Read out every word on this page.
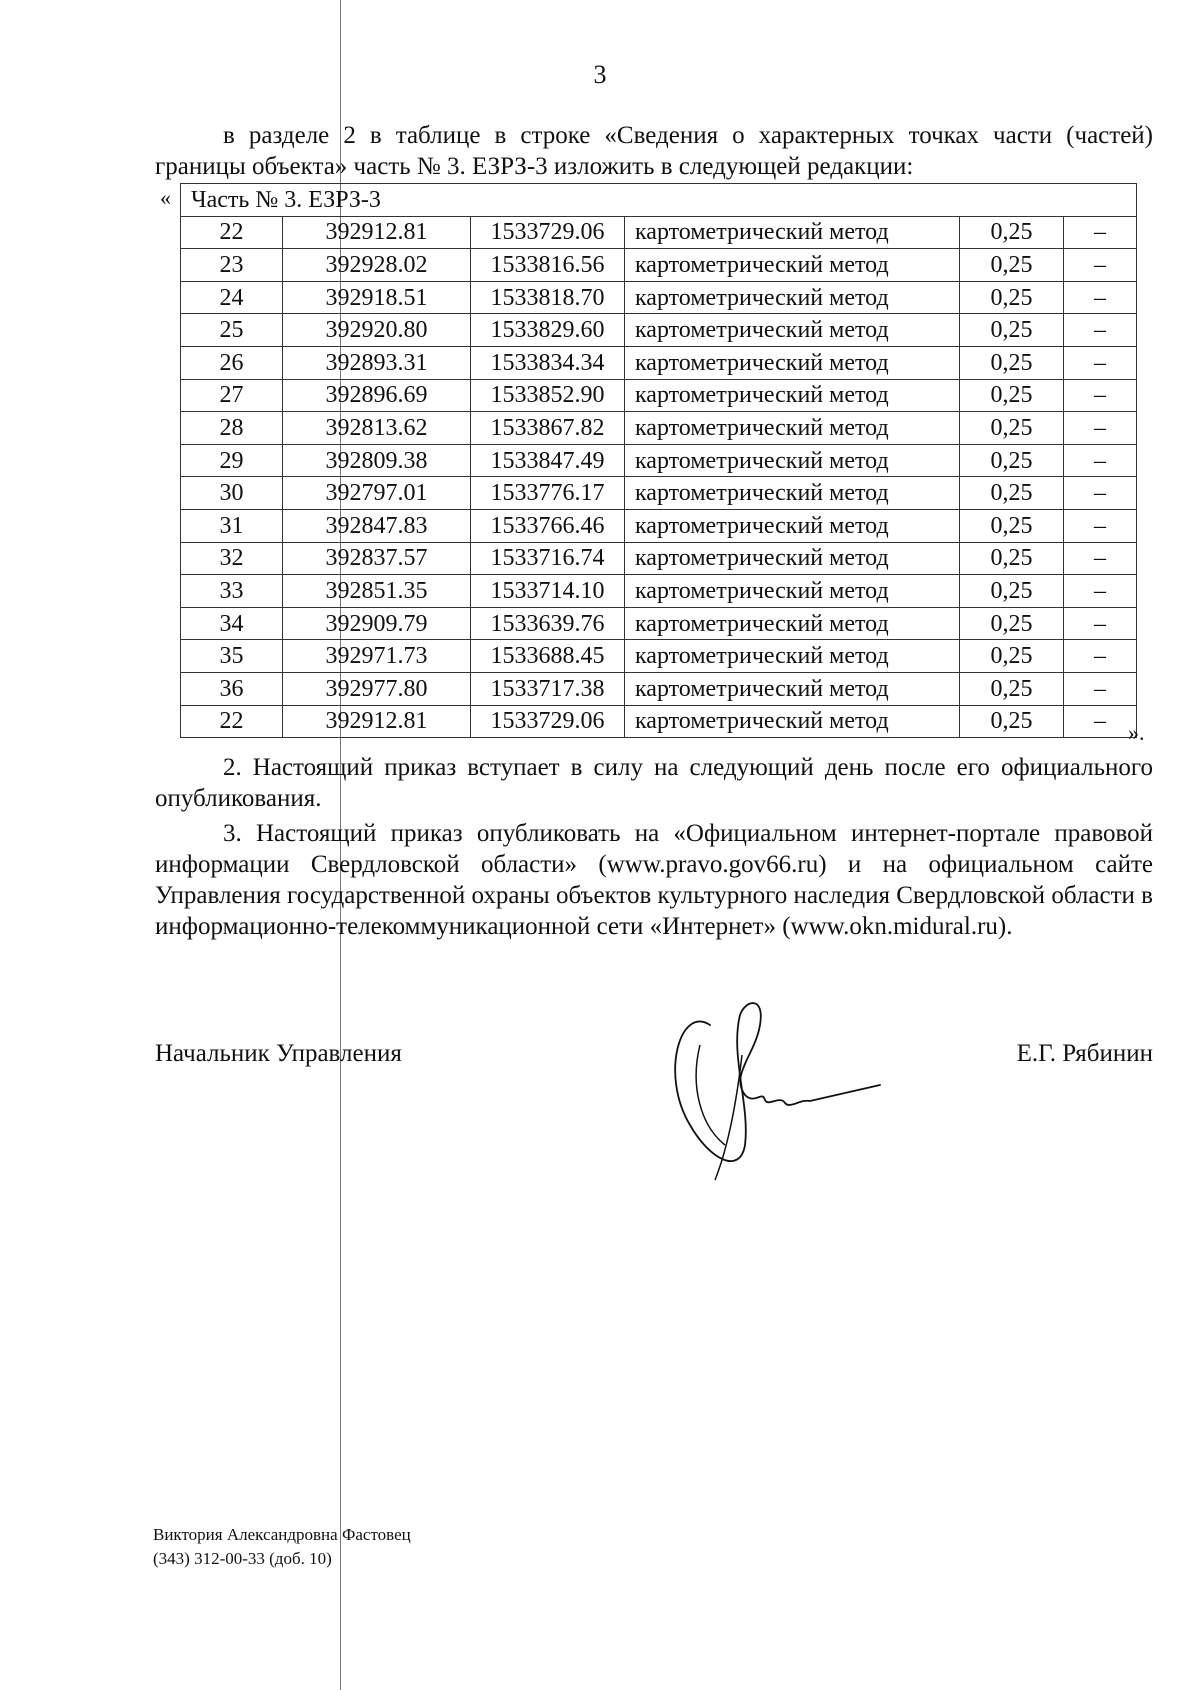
3
в разделе 2 в таблице в строке «Сведения о характерных точках части (частей) границы объекта» часть № 3. ЕЗРЗ-3 изложить в следующей редакции:
« Часть № 3. ЕЗРЗ-3					
22	392912.81	1533729.06	картометрический метод	0,25	–
23	392928.02	1533816.56	картометрический метод	0,25	–
24	392918.51	1533818.70	картометрический метод	0,25	–
25	392920.80	1533829.60	картометрический метод	0,25	–
26	392893.31	1533834.34	картометрический метод	0,25	–
27	392896.69	1533852.90	картометрический метод	0,25	–
28	392813.62	1533867.82	картометрический метод	0,25	–
29	392809.38	1533847.49	картометрический метод	0,25	–
30	392797.01	1533776.17	картометрический метод	0,25	–
31	392847.83	1533766.46	картометрический метод	0,25	–
32	392837.57	1533716.74	картометрический метод	0,25	–
33	392851.35	1533714.10	картометрический метод	0,25	–
34	392909.79	1533639.76	картометрический метод	0,25	–
35	392971.73	1533688.45	картометрический метод	0,25	–
36	392977.80	1533717.38	картометрический метод	0,25	–
22	392912.81	1533729.06	картометрический метод	0,25	– ».
2. Настоящий приказ вступает в силу на следующий день после его официального опубликования.
3. Настоящий приказ опубликовать на «Официальном интернет-портале правовой информации Свердловской области» (www.pravo.gov66.ru) и на официальном сайте Управления государственной охраны объектов культурного наследия Свердловской области в информационно-телекоммуникационной сети «Интернет» (www.okn.midural.ru).
Начальник Управления	Е.Г. Рябинин
Виктория Александровна Фастовец
(343) 312-00-33 (доб. 10)
